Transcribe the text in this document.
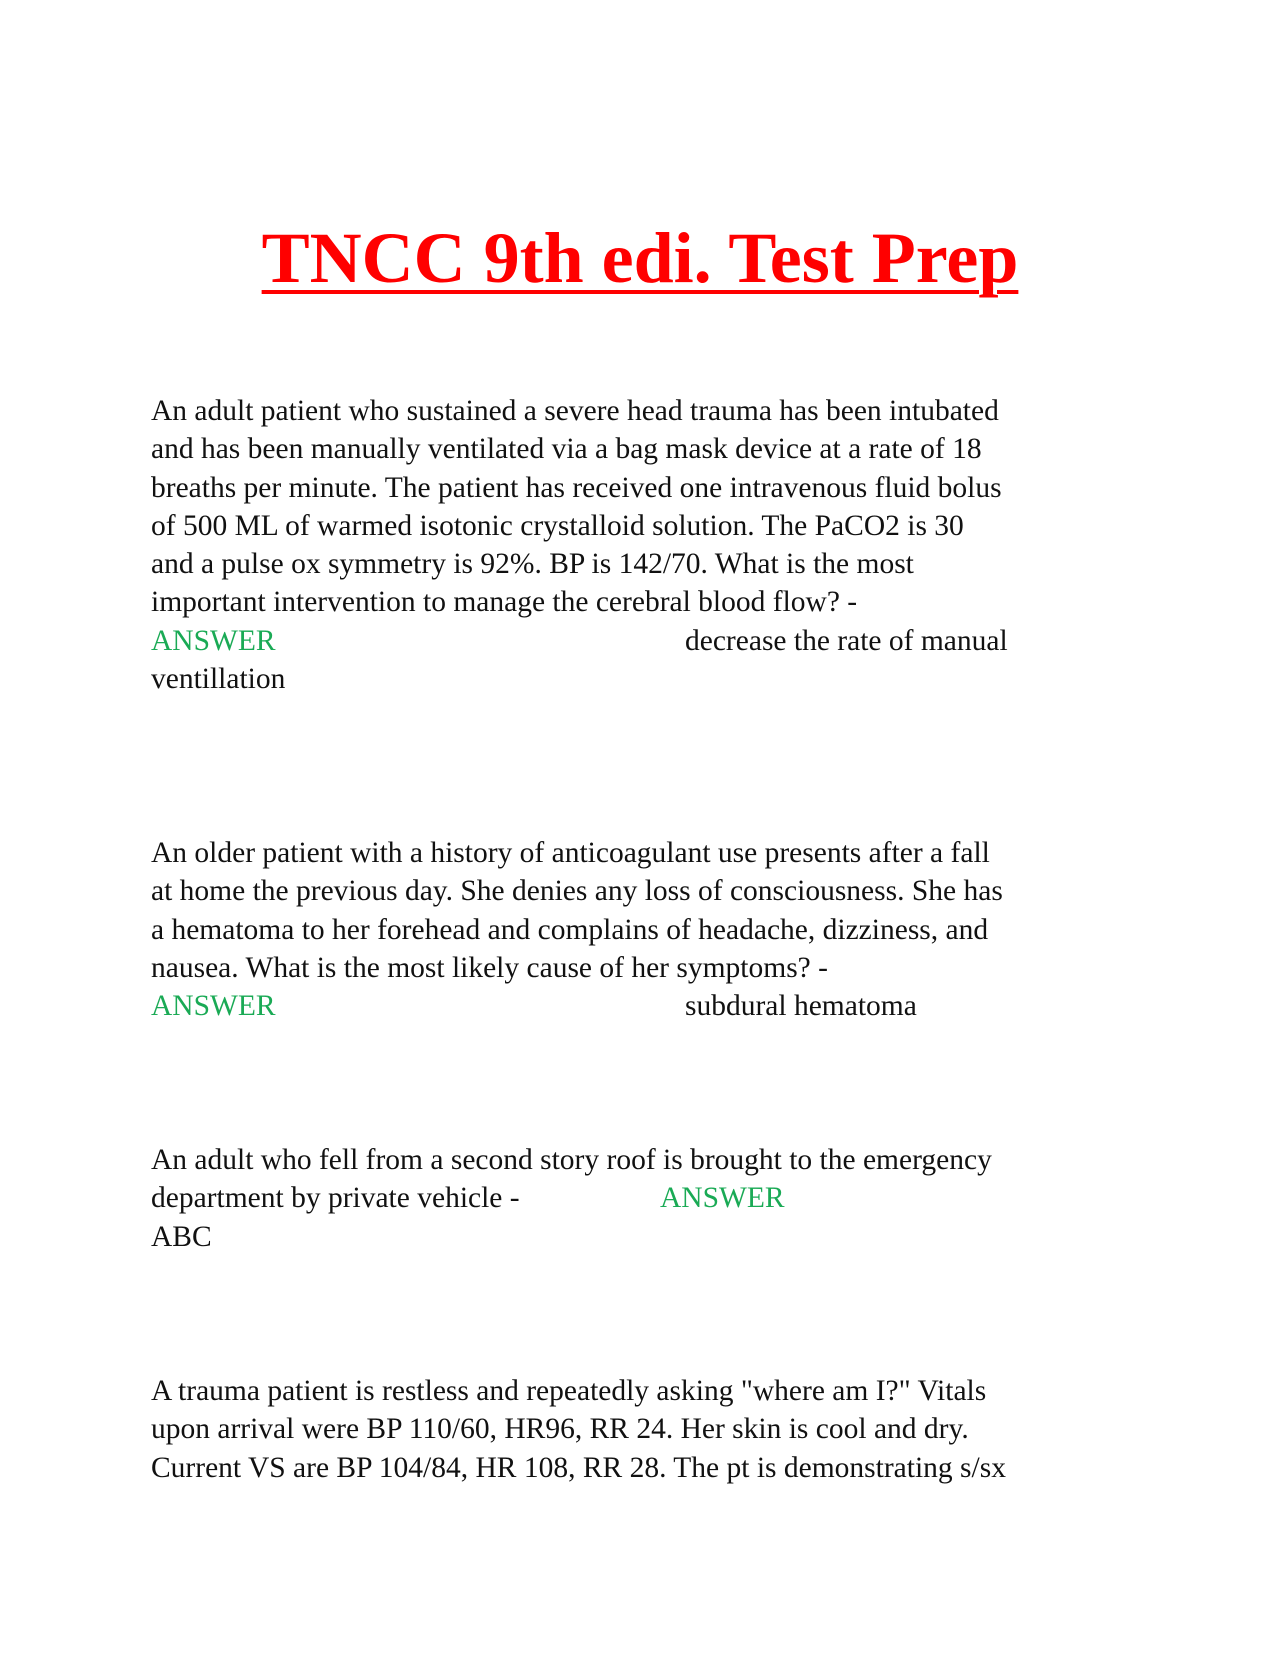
TNCC 9th edi. Test Prep
An adult patient who sustained a severe head trauma has been intubated
and has been manually ventilated via a bag mask device at a rate of 18
breaths per minute. The patient has received one intravenous fluid bolus
of 500 ML of warmed isotonic crystalloid solution. The PaCO2 is 30
and a pulse ox symmetry is 92%. BP is 142/70. What is the most
important intervention to manage the cerebral blood flow? -
ANSWER	decrease the rate of manual
ventillation
An older patient with a history of anticoagulant use presents after a fall
at home the previous day. She denies any loss of consciousness. She has
a hematoma to her forehead and complains of headache, dizziness, and
nausea. What is the most likely cause of her symptoms? -
ANSWER	subdural hematoma
An adult who fell from a second story roof is brought to the emergency
department by private vehicle -	ANSWER
ABC
A trauma patient is restless and repeatedly asking "where am I?" Vitals
upon arrival were BP 110/60, HR96, RR 24. Her skin is cool and dry.
Current VS are BP 104/84, HR 108, RR 28. The pt is demonstrating s/sx
